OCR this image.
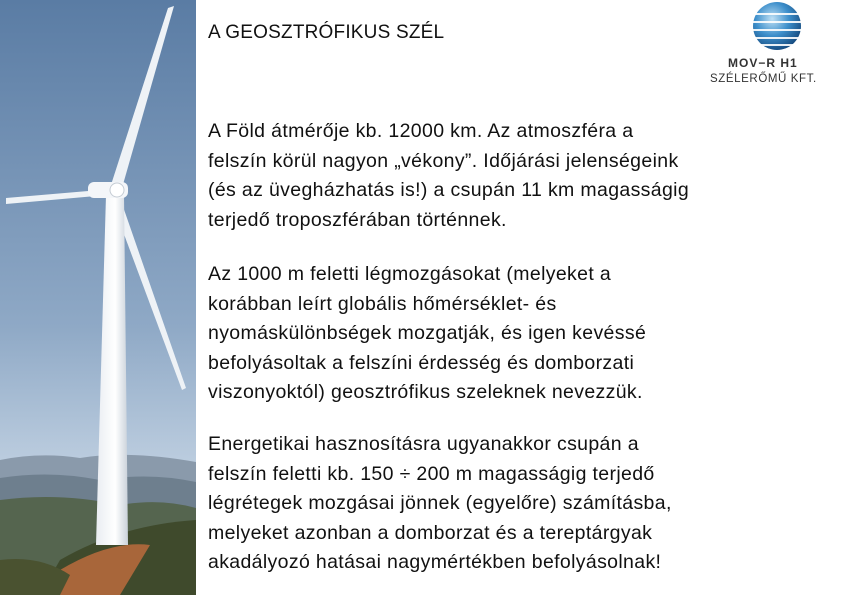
A GEOSZTRÓFIKUS SZÉL
MOV−R H1
SZÉLERŐMŰ KFT.
A Föld átmérője kb. 12000 km. Az atmoszféra a
felszín körül nagyon „vékony”. Időjárási jelenségeink
(és az üvegházhatás is!) a csupán 11 km magasságig
terjedő troposzférában történnek.
Az 1000 m feletti légmozgásokat (melyeket a
korábban leírt globális hőmérséklet- és
nyomáskülönbségek mozgatják, és igen kevéssé
befolyásoltak a felszíni érdesség és domborzati
viszonyoktól) geosztrófikus szeleknek nevezzük.
Energetikai hasznosításra ugyanakkor csupán a
felszín feletti kb. 150 ÷ 200 m magasságig terjedő
légrétegek mozgásai jönnek (egyelőre) számításba,
melyeket azonban a domborzat és a tereptárgyak
akadályozó hatásai nagymértékben befolyásolnak!
